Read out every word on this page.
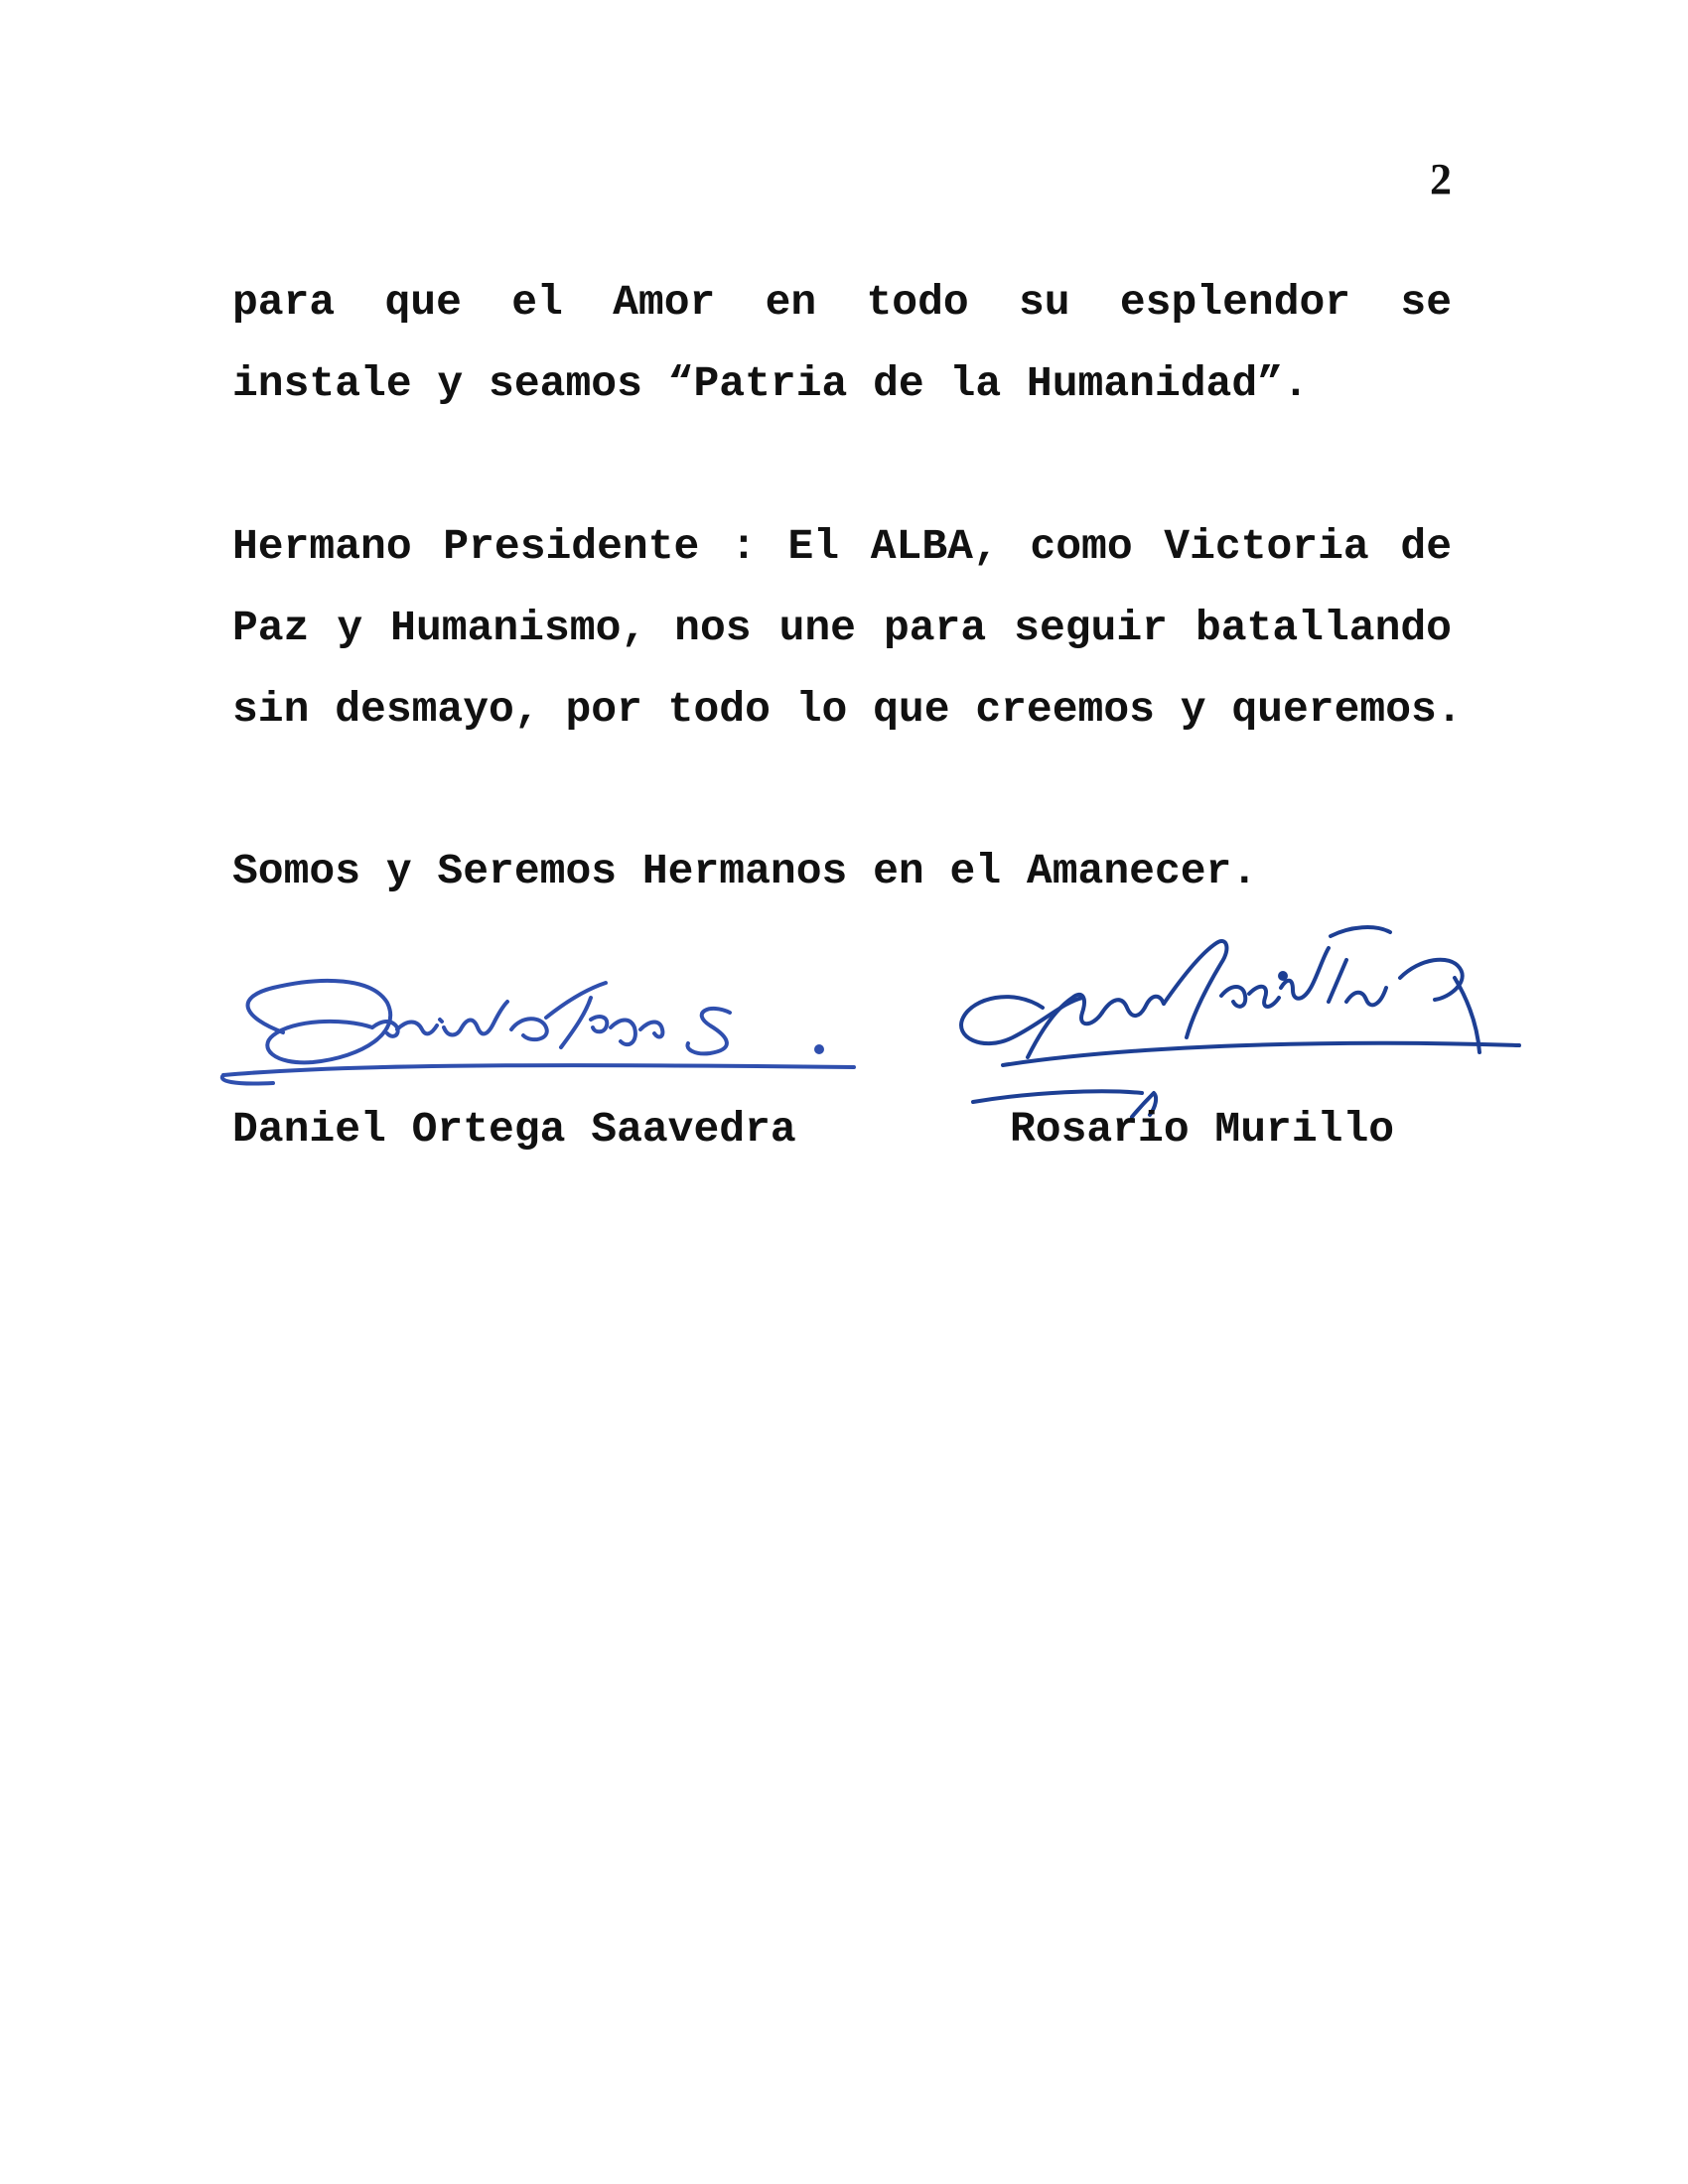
2

para que el Amor en todo su esplendor se
instale y seamos “Patria de la Humanidad”.

Hermano Presidente : El ALBA, como Victoria de
Paz y Humanismo, nos une para seguir batallando
sin desmayo, por todo lo que creemos y queremos.

Somos y Seremos Hermanos en el Amanecer.

Daniel Ortega Saavedra	Rosario Murillo
